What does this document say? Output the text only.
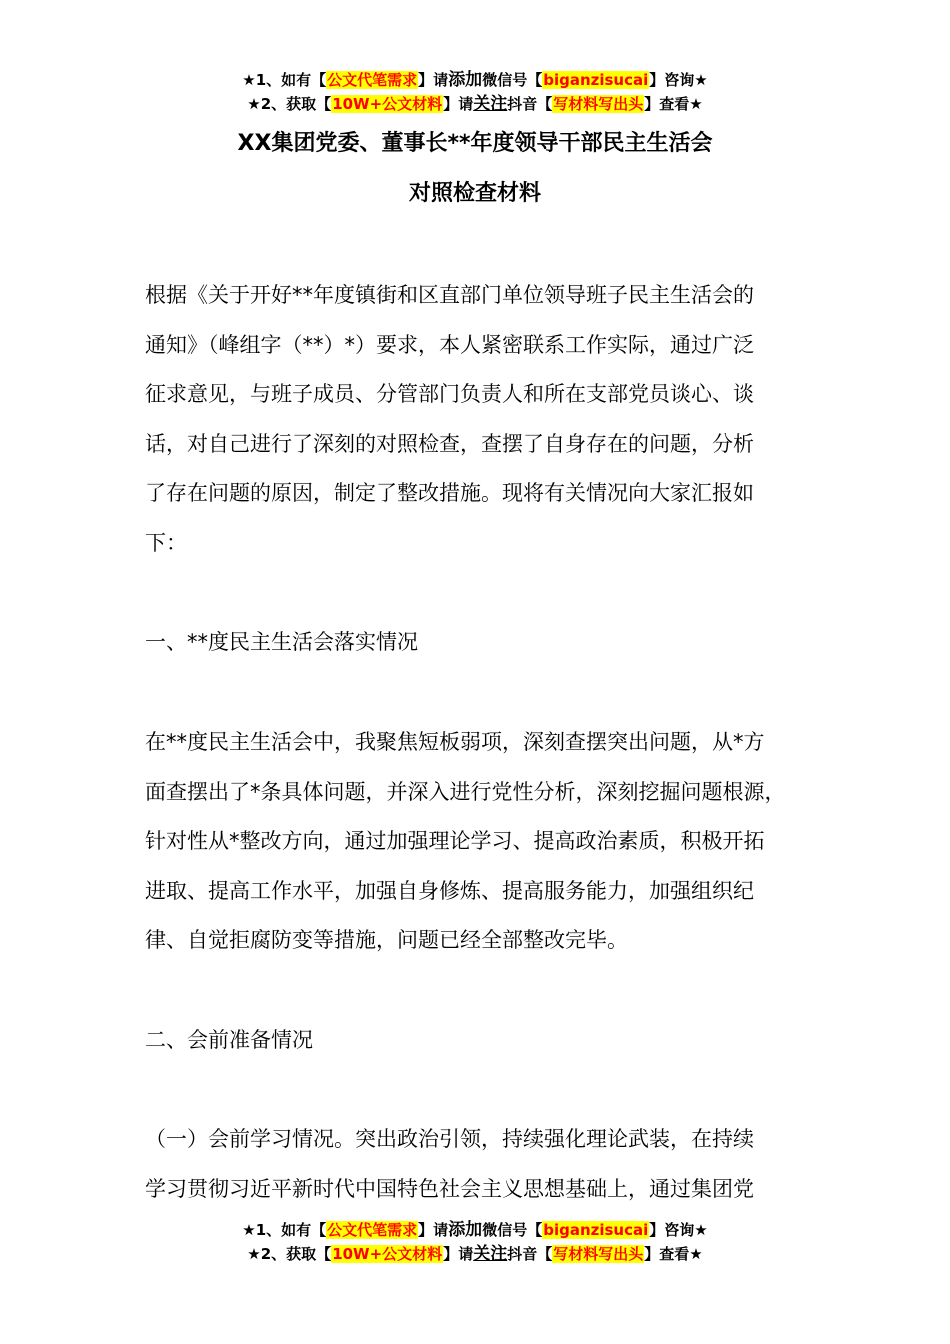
★1、如有【公文代笔需求】请添加微信号【biganzisucai】咨询★
★2、获取【10W+公文材料】请关注抖音【写材料写出头】查看★
XX集团党委、董事长**年度领导干部民主生活会
对照检查材料
根据《关于开好**年度镇街和区直部门单位领导班子民主生活会的
通知》（峰组字（**）*）要求，本人紧密联系工作实际，通过广泛
征求意见，与班子成员、分管部门负责人和所在支部党员谈心、谈
话，对自己进行了深刻的对照检查，查摆了自身存在的问题，分析
了存在问题的原因，制定了整改措施。现将有关情况向大家汇报如
下：
一、**度民主生活会落实情况
在**度民主生活会中，我聚焦短板弱项，深刻查摆突出问题，从*方
面查摆出了*条具体问题，并深入进行党性分析，深刻挖掘问题根源，
针对性从*整改方向，通过加强理论学习、提高政治素质，积极开拓
进取、提高工作水平，加强自身修炼、提高服务能力，加强组织纪
律、自觉拒腐防变等措施，问题已经全部整改完毕。
二、会前准备情况
（一）会前学习情况。突出政治引领，持续强化理论武装，在持续
学习贯彻习近平新时代中国特色社会主义思想基础上，通过集团党
★1、如有【公文代笔需求】请添加微信号【biganzisucai】咨询★
★2、获取【10W+公文材料】请关注抖音【写材料写出头】查看★
